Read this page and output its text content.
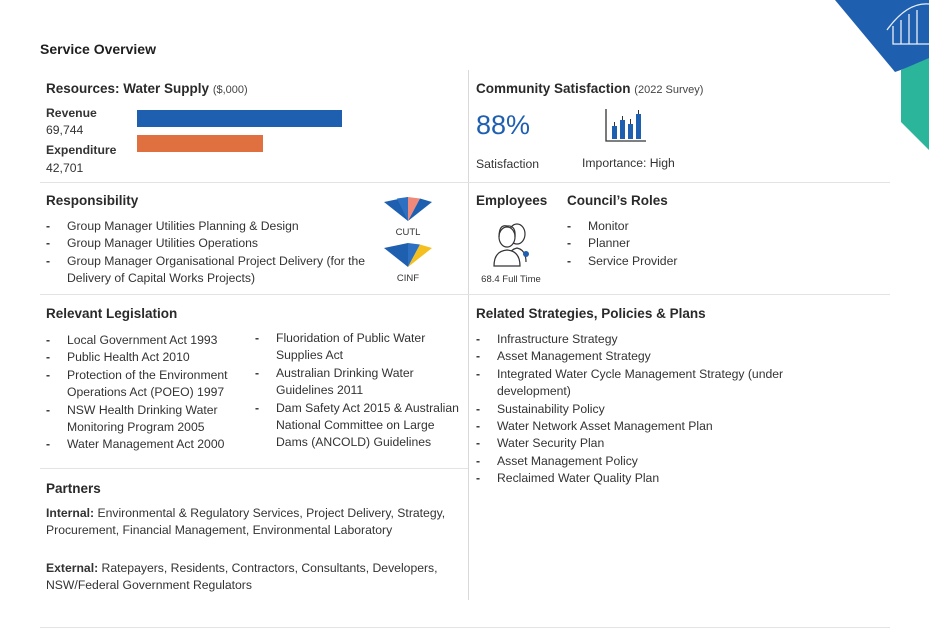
Service Overview
Resources: Water Supply ($,000)
Revenue
69,744
Expenditure
42,701
Community Satisfaction (2022 Survey)
88%
Satisfaction	Importance: High
Responsibility
- Group Manager Utilities Planning & Design
- Group Manager Utilities Operations
- Group Manager Organisational Project Delivery (for the Delivery of Capital Works Projects)
CUTL
CINF
Employees
68.4 Full Time
Council’s Roles
- Monitor
- Planner
- Service Provider
Relevant Legislation
- Local Government Act 1993
- Public Health Act 2010
- Protection of the Environment Operations Act (POEO) 1997
- NSW Health Drinking Water Monitoring Program 2005
- Water Management Act 2000
- Fluoridation of Public Water Supplies Act
- Australian Drinking Water Guidelines 2011
- Dam Safety Act 2015 & Australian National Committee on Large Dams (ANCOLD) Guidelines
Related Strategies, Policies & Plans
- Infrastructure Strategy
- Asset Management Strategy
- Integrated Water Cycle Management Strategy (under development)
- Sustainability Policy
- Water Network Asset Management Plan
- Water Security Plan
- Asset Management Policy
- Reclaimed Water Quality Plan
Partners
Internal: Environmental & Regulatory Services, Project Delivery, Strategy, Procurement, Financial Management, Environmental Laboratory
External: Ratepayers, Residents, Contractors, Consultants, Developers, NSW/Federal Government Regulators
